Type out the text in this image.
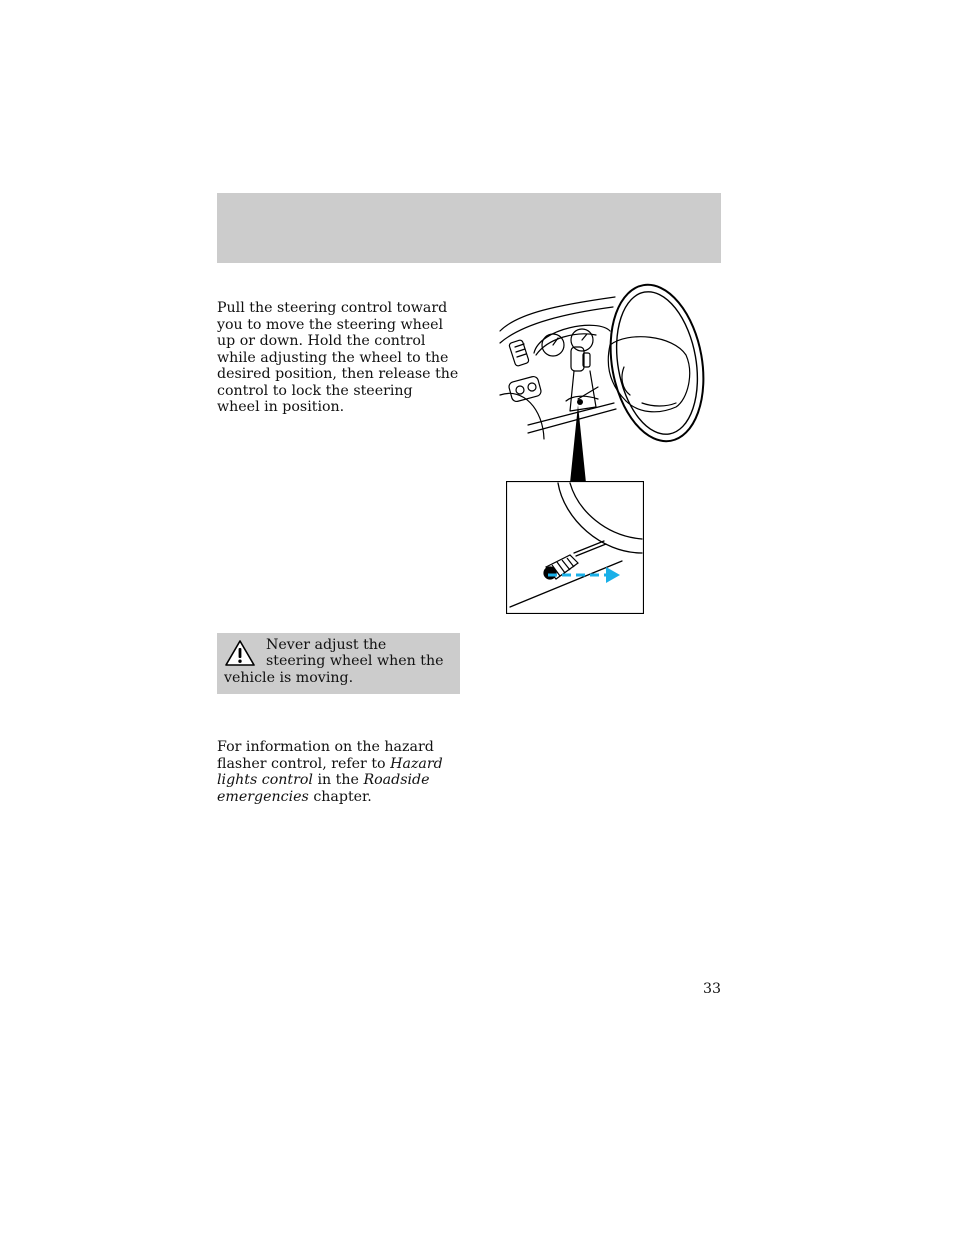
Pull the steering control toward you to move the steering wheel up or down. Hold the control while adjusting the wheel to the desired position, then release the control to lock the steering wheel in position.

Never adjust the steering wheel when the vehicle is moving.

For information on the hazard flasher control, refer to Hazard lights control in the Roadside emergencies chapter.

33
